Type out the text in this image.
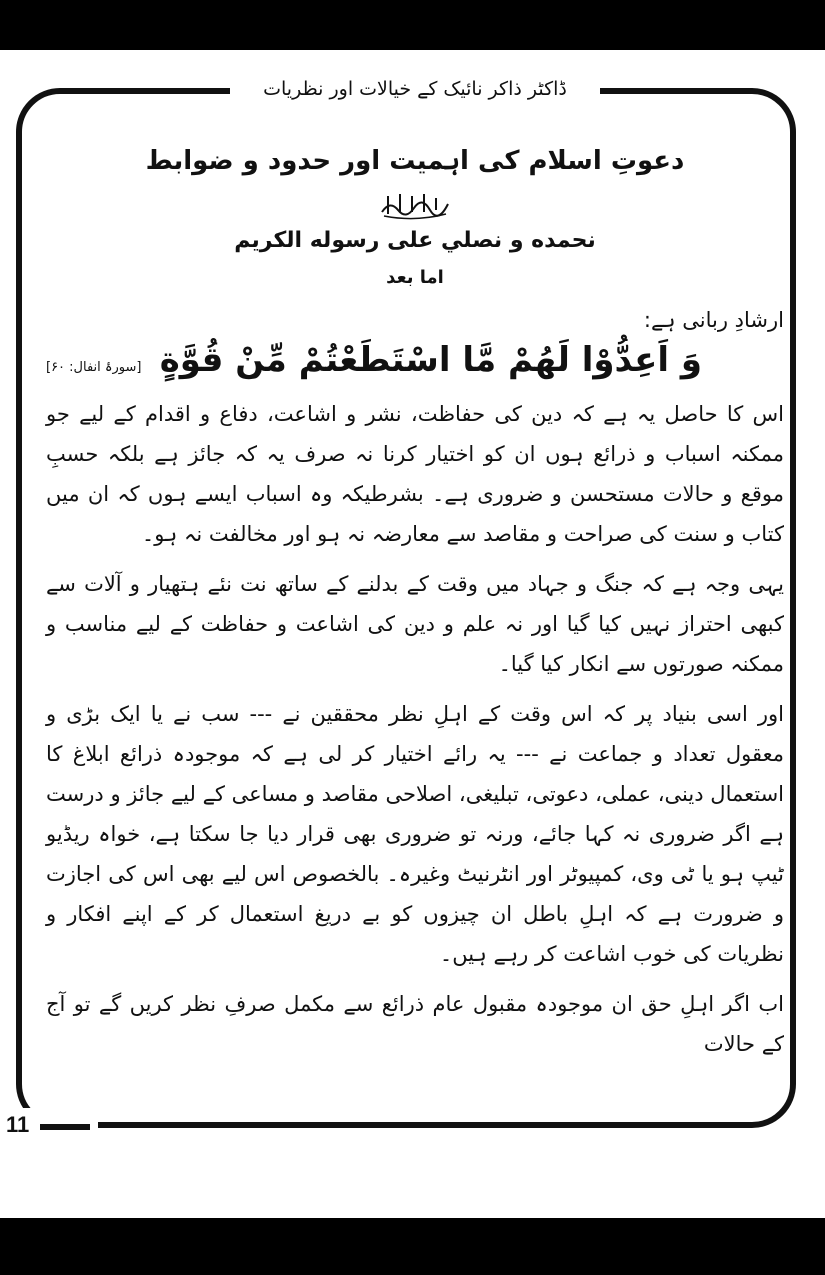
ڈاکٹر ذاکر نائیک کے خیالات اور نظریات
11
دعوتِ اسلام کی اہمیت اور حدود و ضوابط
نحمده و نصلي على رسوله الكريم
اما بعد
ارشادِ ربانی ہے:
وَ اَعِدُّوْا لَهُمْ مَّا اسْتَطَعْتُمْ مِّنْ قُوَّةٍ
[سورۂ انفال: ۶۰]

اس کا حاصل یہ ہے کہ دین کی حفاظت، نشر و اشاعت، دفاع و اقدام کے لیے جو ممکنہ اسباب و ذرائع ہوں ان کو اختیار کرنا نہ صرف یہ کہ جائز ہے بلکہ حسبِ موقع و حالات مستحسن و ضروری ہے۔ بشرطیکہ وہ اسباب ایسے ہوں کہ ان میں کتاب و سنت کی صراحت و مقاصد سے معارضہ نہ ہو اور مخالفت نہ ہو۔

یہی وجہ ہے کہ جنگ و جہاد میں وقت کے بدلنے کے ساتھ نت نئے ہتھیار و آلات سے کبھی احتراز نہیں کیا گیا اور نہ علم و دین کی اشاعت و حفاظت کے لیے مناسب و ممکنہ صورتوں سے انکار کیا گیا۔

اور اسی بنیاد پر کہ اس وقت کے اہلِ نظر محققین نے --- سب نے یا ایک بڑی و معقول تعداد و جماعت نے --- یہ رائے اختیار کر لی ہے کہ موجودہ ذرائع ابلاغ کا استعمال دینی، عملی، دعوتی، تبلیغی، اصلاحی مقاصد و مساعی کے لیے جائز و درست ہے اگر ضروری نہ کہا جائے، ورنہ تو ضروری بھی قرار دیا جا سکتا ہے، خواہ ریڈیو ٹیپ ہو یا ٹی وی، کمپیوٹر اور انٹرنیٹ وغیرہ۔ بالخصوص اس لیے بھی اس کی اجازت و ضرورت ہے کہ اہلِ باطل ان چیزوں کو بے دریغ استعمال کر کے اپنے افکار و نظریات کی خوب اشاعت کر رہے ہیں۔

اب اگر اہلِ حق ان موجودہ مقبول عام ذرائع سے مکمل صرفِ نظر کریں گے تو آج کے حالات
